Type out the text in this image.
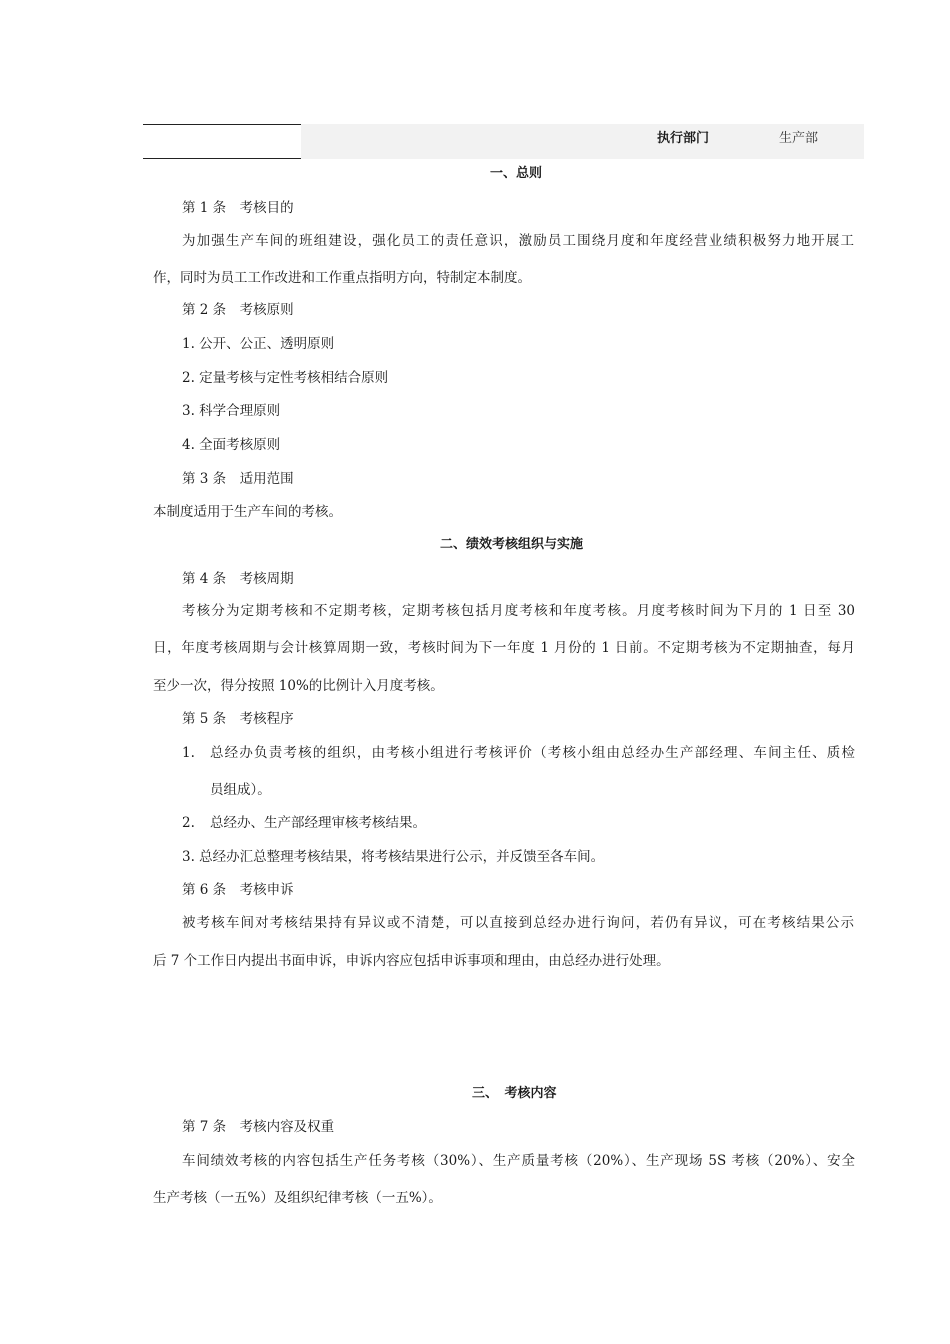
执行部门	生产部
一、总则
第 1 条　考核目的
为加强生产车间的班组建设，强化员工的责任意识，激励员工围绕月度和年度经营业绩积极努力地开展工
作，同时为员工工作改进和工作重点指明方向，特制定本制度。
第 2 条　考核原则
1. 公开、公正、透明原则
2. 定量考核与定性考核相结合原则
3. 科学合理原则
4. 全面考核原则
第 3 条　适用范围
本制度适用于生产车间的考核。
二、绩效考核组织与实施
第 4 条　考核周期
考核分为定期考核和不定期考核，定期考核包括月度考核和年度考核。月度考核时间为下月的 1 日至 30
日，年度考核周期与会计核算周期一致，考核时间为下一年度 1 月份的 1 日前。不定期考核为不定期抽查，每月
至少一次，得分按照 10%的比例计入月度考核。
第 5 条　考核程序
1. 总经办负责考核的组织，由考核小组进行考核评价（考核小组由总经办生产部经理、车间主任、质检
员组成）。
2. 总经办、生产部经理审核考核结果。
3. 总经办汇总整理考核结果，将考核结果进行公示，并反馈至各车间。
第 6 条　考核申诉
被考核车间对考核结果持有异议或不清楚，可以直接到总经办进行询问，若仍有异议，可在考核结果公示
后 7 个工作日内提出书面申诉，申诉内容应包括申诉事项和理由，由总经办进行处理。
三、　考核内容
第 7 条　考核内容及权重
车间绩效考核的内容包括生产任务考核（30%）、生产质量考核（20%）、生产现场 5S 考核（20%）、安全
生产考核（一五%）及组织纪律考核（一五%）。
